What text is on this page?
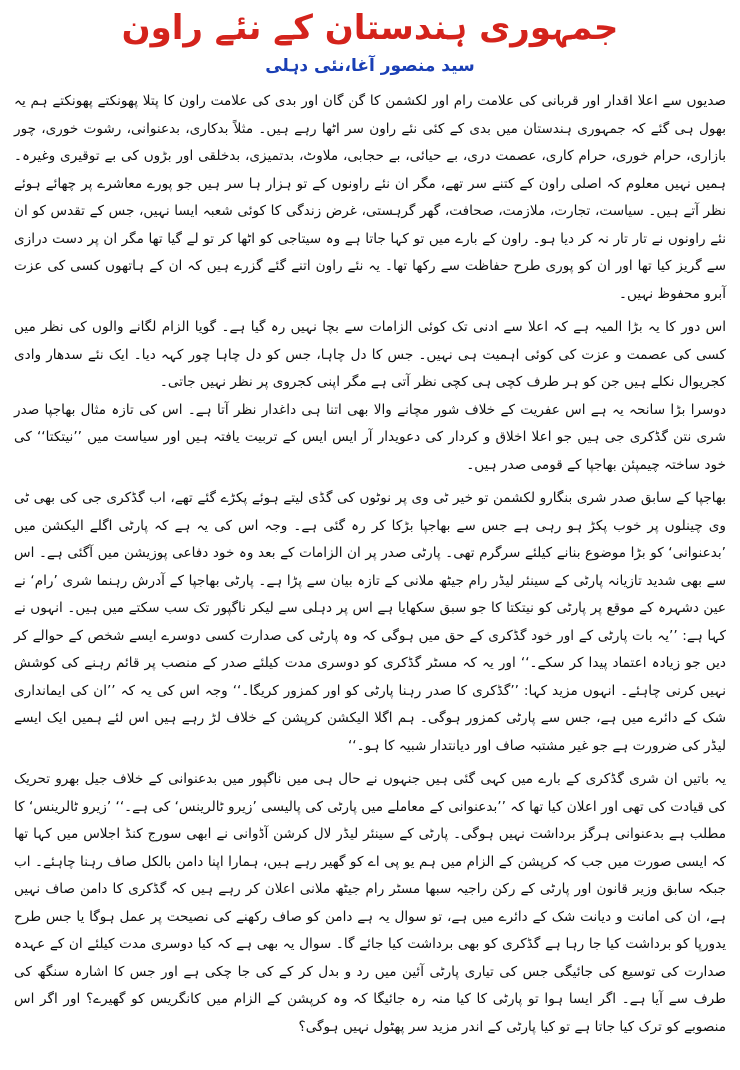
جمہوری ہندستان کے نئے راون
سید منصور آغا،نئی دہلی

صدیوں سے اعلا اقدار اور قربانی کی علامت رام اور لکشمن کا گن گان اور بدی کی علامت راون کا پتلا پھونکتے پھونکتے ہم یہ بھول ہی گئے کہ جمہوری ہندستان میں بدی کے کئی نئے راون سر اٹھا رہے ہیں۔ مثلاً بدکاری، بدعنوانی، رشوت خوری، چور بازاری، حرام خوری، حرام کاری، عصمت دری، بے حیائی، بے حجابی، ملاوٹ، بدتمیزی، بدخلقی اور بڑوں کی بے توقیری وغیرہ۔ ہمیں نہیں معلوم کہ اصلی راون کے کتنے سر تھے، مگر ان نئے راونوں کے تو ہزار ہا سر ہیں جو پورے معاشرے پر چھائے ہوئے نظر آتے ہیں۔ سیاست، تجارت، ملازمت، صحافت، گھر گرہستی، غرض زندگی کا کوئی شعبہ ایسا نہیں، جس کے تقدس کو ان نئے راونوں نے تار تار نہ کر دیا ہو۔ راون کے بارے میں تو کہا جاتا ہے وہ سیتاجی کو اٹھا کر تو لے گیا تھا مگر ان پر دست درازی سے گریز کیا تھا اور ان کو پوری طرح حفاظت سے رکھا تھا۔ یہ نئے راون اتنے گئے گزرے ہیں کہ ان کے ہاتھوں کسی کی عزت آبرو محفوظ نہیں۔

اس دور کا یہ بڑا المیہ ہے کہ اعلا سے ادنی تک کوئی الزامات سے بچا نہیں رہ گیا ہے۔ گویا الزام لگانے والوں کی نظر میں کسی کی عصمت و عزت کی کوئی اہمیت ہی نہیں۔ جس کا دل چاہا، جس کو دل چاہا چور کہہ دیا۔ ایک نئے سدھار وادی کجریوال نکلے ہیں جن کو ہر طرف کچی ہی کچی نظر آتی ہے مگر اپنی کجروی پر نظر نہیں جاتی۔

دوسرا بڑا سانحہ یہ ہے اس عفریت کے خلاف شور مچانے والا بھی اتنا ہی داغدار نظر آتا ہے۔ اس کی تازہ مثال بھاجپا صدر شری نتن گڈکری جی ہیں جو اعلا اخلاق و کردار کی دعویدار آر ایس ایس کے تربیت یافتہ ہیں اور سیاست میں ’’نیتکتا‘‘ کی خود ساختہ چیمپئن بھاجپا کے قومی صدر ہیں۔

بھاجپا کے سابق صدر شری بنگارو لکشمن تو خیر ٹی وی پر نوٹوں کی گڈی لیتے ہوئے پکڑے گئے تھے، اب گڈکری جی کی بھی ٹی وی چینلوں پر خوب پکڑ ہو رہی ہے جس سے بھاجپا بڑکا کر رہ گئی ہے۔ وجہ اس کی یہ ہے کہ پارٹی اگلے الیکشن میں ’بدعنوانی‘ کو بڑا موضوع بنانے کیلئے سرگرم تھی۔ پارٹی صدر پر ان الزامات کے بعد وہ خود دفاعی پوزیشن میں آگئی ہے۔ اس سے بھی شدید تازیانہ پارٹی کے سینئر لیڈر رام جیٹھ ملانی کے تازہ بیان سے پڑا ہے۔ پارٹی بھاجپا کے آدرش رہنما شری ’رام‘ نے عین دشہرہ کے موقع پر پارٹی کو نیتکتا کا جو سبق سکھایا ہے اس پر دہلی سے لیکر ناگپور تک سب سکتے میں ہیں۔ انہوں نے کہا ہے: ’’یہ بات پارٹی کے اور خود گڈکری کے حق میں ہوگی کہ وہ پارٹی کی صدارت کسی دوسرے ایسے شخص کے حوالے کر دیں جو زیادہ اعتماد پیدا کر سکے۔‘‘ اور یہ کہ مسٹر گڈکری کو دوسری مدت کیلئے صدر کے منصب پر قائم رہنے کی کوشش نہیں کرنی چاہئے۔ انہوں مزید کہا: ’’گڈکری کا صدر رہنا پارٹی کو اور کمزور کریگا۔‘‘ وجہ اس کی یہ کہ ’’ان کی ایمانداری شک کے دائرے میں ہے، جس سے پارٹی کمزور ہوگی۔ ہم اگلا الیکشن کرپشن کے خلاف لڑ رہے ہیں اس لئے ہمیں ایک ایسے لیڈر کی ضرورت ہے جو غیر مشتبہ صاف اور دیانتدار شبیہ کا ہو۔‘‘

یہ باتیں ان شری گڈکری کے بارے میں کہی گئی ہیں جنہوں نے حال ہی میں ناگپور میں بدعنوانی کے خلاف جیل بھرو تحریک کی قیادت کی تھی اور اعلان کیا تھا کہ ’’بدعنوانی کے معاملے میں پارٹی کی پالیسی ’زیرو ٹالرینس‘ کی ہے۔‘‘ ’زیرو ٹالرینس‘ کا مطلب ہے بدعنوانی ہرگز برداشت نہیں ہوگی۔ پارٹی کے سینئر لیڈر لال کرشن آڈوانی نے ابھی سورج کنڈ اجلاس میں کہا تھا کہ ایسی صورت میں جب کہ کرپشن کے الزام میں ہم یو پی اے کو گھیر رہے ہیں، ہمارا اپنا دامن بالکل صاف رہنا چاہئے۔ اب جبکہ سابق وزیر قانون اور پارٹی کے رکن راجیہ سبھا مسٹر رام جیٹھ ملانی اعلان کر رہے ہیں کہ گڈکری کا دامن صاف نہیں ہے، ان کی امانت و دیانت شک کے دائرے میں ہے، تو سوال یہ ہے دامن کو صاف رکھنے کی نصیحت پر عمل ہوگا یا جس طرح یدورپا کو برداشت کیا جا رہا ہے گڈکری کو بھی برداشت کیا جائے گا۔ سوال یہ بھی ہے کہ کیا دوسری مدت کیلئے ان کے عہدہ صدارت کی توسیع کی جائیگی جس کی تیاری پارٹی آئین میں رد و بدل کر کے کی جا چکی ہے اور جس کا اشارہ سنگھ کی طرف سے آیا ہے۔ اگر ایسا ہوا تو پارٹی کا کیا منہ رہ جائیگا کہ وہ کرپشن کے الزام میں کانگریس کو گھیرے؟ اور اگر اس منصوبے کو ترک کیا جاتا ہے تو کیا پارٹی کے اندر مزید سر پھٹول نہیں ہوگی؟
